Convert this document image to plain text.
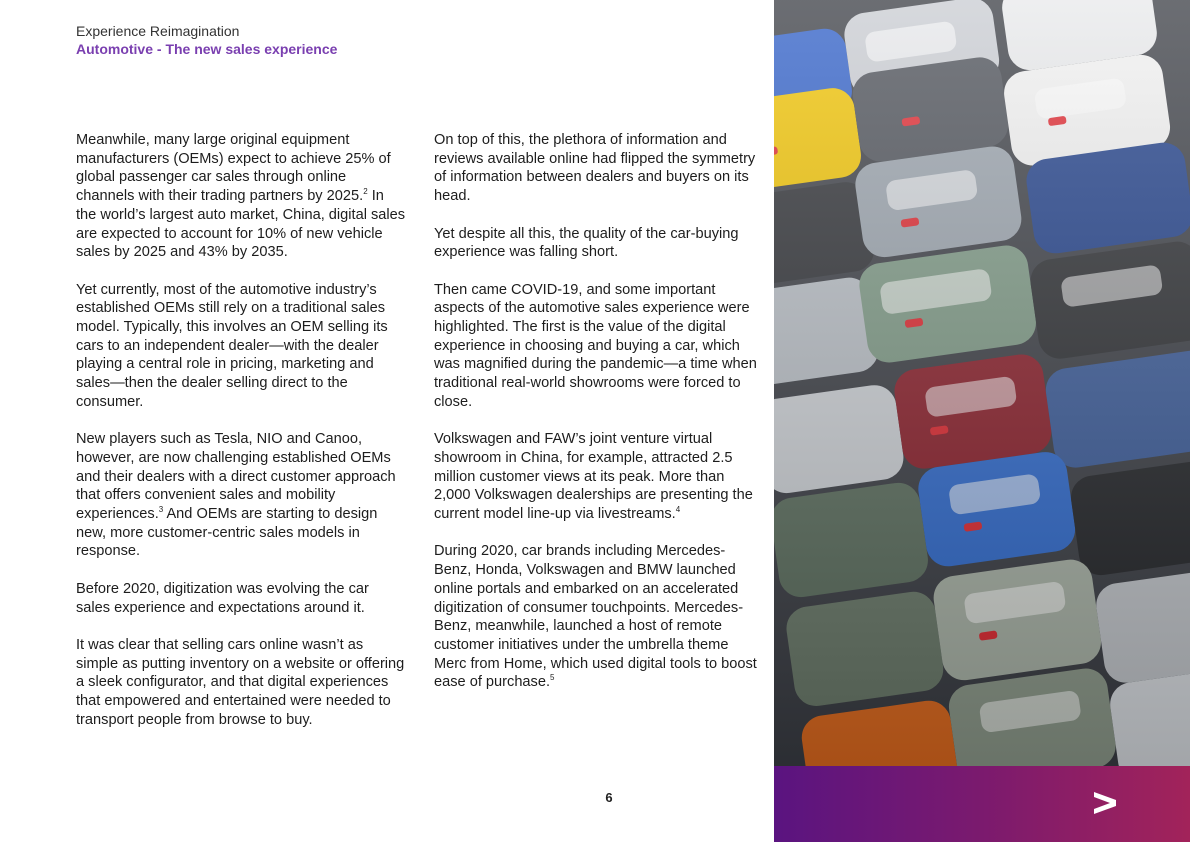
Experience Reimagination
Automotive - The new sales experience

Meanwhile, many large original equipment manufacturers (OEMs) expect to achieve 25% of global passenger car sales through online channels with their trading partners by 2025.$^2$ In the world’s largest auto market, China, digital sales are expected to account for 10% of new vehicle sales by 2025 and 43% by 2035.

Yet currently, most of the automotive industry’s established OEMs still rely on a traditional sales model. Typically, this involves an OEM selling its cars to an independent dealer—with the dealer playing a central role in pricing, marketing and sales—then the dealer selling direct to the consumer.

New players such as Tesla, NIO and Canoo, however, are now challenging established OEMs and their dealers with a direct customer approach that offers convenient sales and mobility experiences.$^3$ And OEMs are starting to design new, more customer-centric sales models in response.

Before 2020, digitization was evolving the car sales experience and expectations around it.

It was clear that selling cars online wasn’t as simple as putting inventory on a website or offering a sleek configurator, and that digital experiences that empowered and entertained were needed to transport people from browse to buy.

On top of this, the plethora of information and reviews available online had flipped the symmetry of information between dealers and buyers on its head.

Yet despite all this, the quality of the car-buying experience was falling short.

Then came COVID-19, and some important aspects of the automotive sales experience were highlighted. The first is the value of the digital experience in choosing and buying a car, which was magnified during the pandemic—a time when traditional real-world showrooms were forced to close.

Volkswagen and FAW’s joint venture virtual showroom in China, for example, attracted 2.5 million customer views at its peak. More than 2,000 Volkswagen dealerships are presenting the current model line-up via livestreams.$^4$

During 2020, car brands including Mercedes-Benz, Honda, Volkswagen and BMW launched online portals and embarked on an accelerated digitization of consumer touchpoints. Mercedes-Benz, meanwhile, launched a host of remote customer initiatives under the umbrella theme Merc from Home, which used digital tools to boost ease of purchase.$^5$

6
